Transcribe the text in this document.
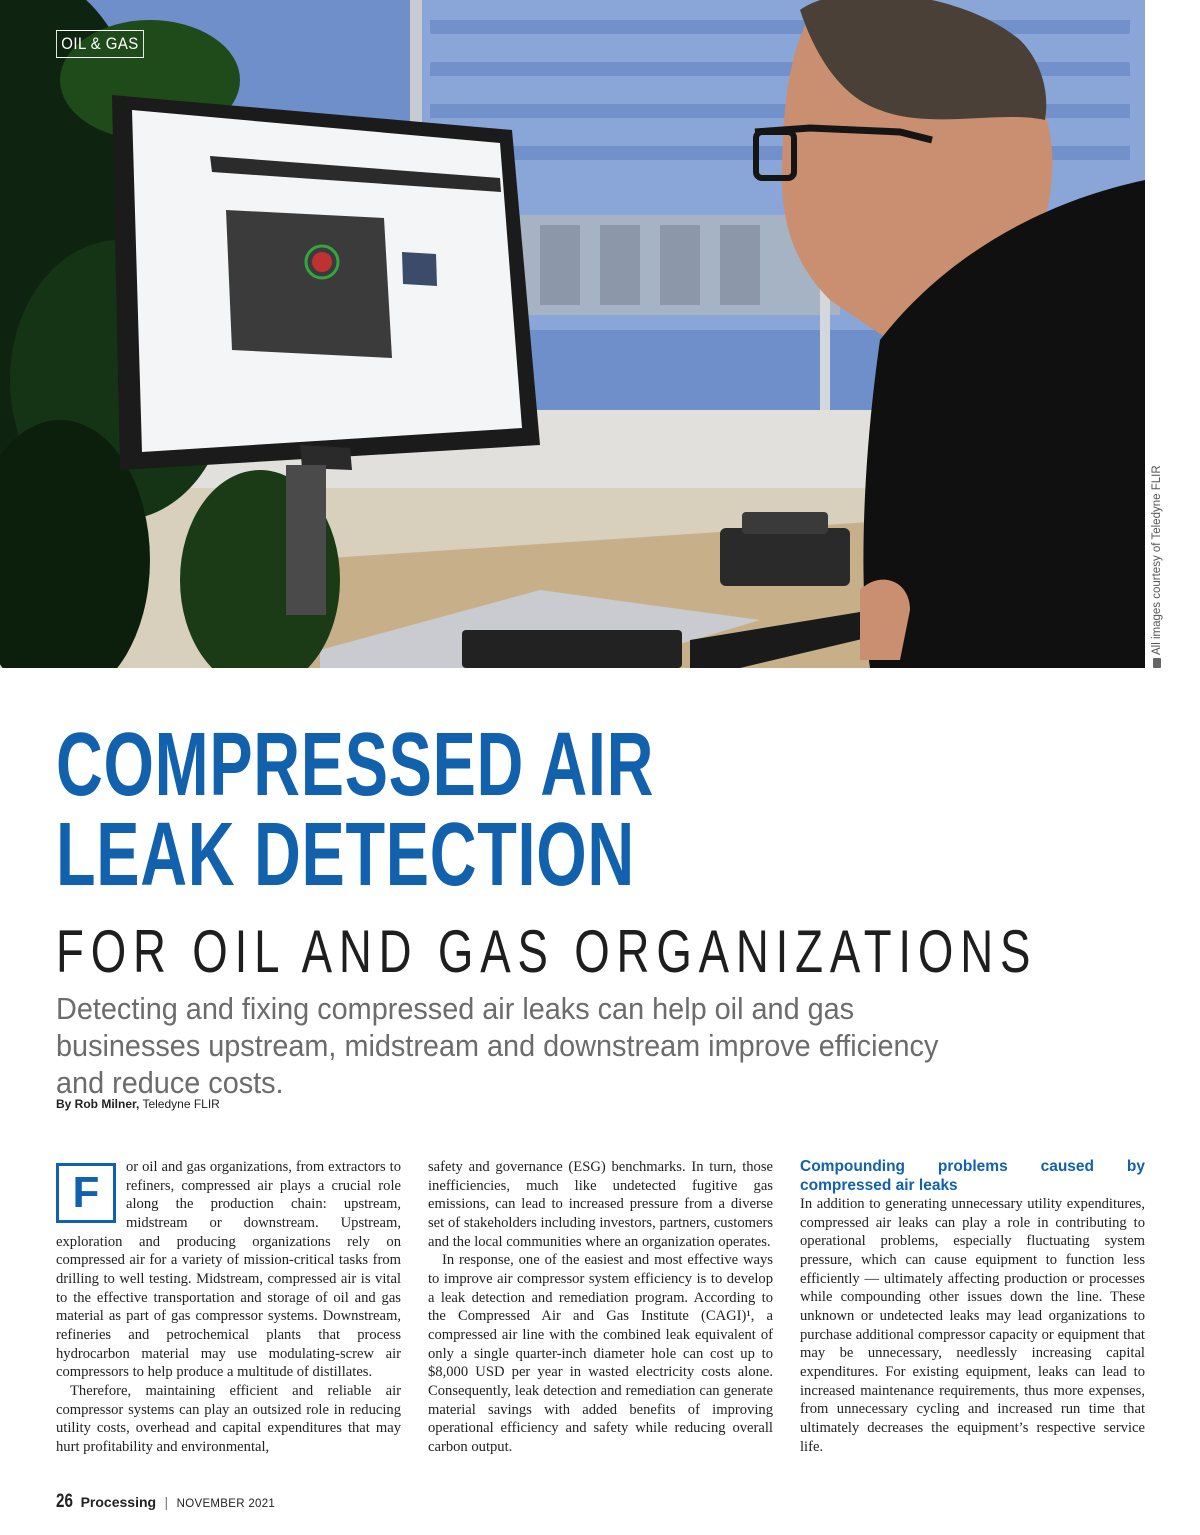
OIL & GAS
All images courtesy of Teledyne FLIR
COMPRESSED AIR
LEAK DETECTION
FOR OIL AND GAS ORGANIZATIONS
Detecting and fixing compressed air leaks can help oil and gas businesses upstream, midstream and downstream improve efficiency and reduce costs.
By Rob Milner, Teledyne FLIR
F

or oil and gas organizations, from extractors to refiners, compressed air plays a crucial role along the production chain: upstream, midstream or downstream. Upstream, exploration and producing organizations rely on compressed air for a variety of mission-critical tasks from drilling to well testing. Midstream, compressed air is vital to the effective transportation and storage of oil and gas material as part of gas compressor systems. Downstream, refineries and petrochemical plants that process hydrocarbon material may use modulating-screw air compressors to help produce a multitude of distillates.

Therefore, maintaining efficient and reliable air compressor systems can play an outsized role in reducing utility costs, overhead and capital expenditures that may hurt profitability and environmental,

safety and governance (ESG) benchmarks. In turn, those inefficiencies, much like undetected fugitive gas emissions, can lead to increased pressure from a diverse set of stakeholders including investors, partners, customers and the local communities where an organization operates.

In response, one of the easiest and most effective ways to improve air compressor system efficiency is to develop a leak detection and remediation program. According to the Compressed Air and Gas Institute (CAGI)¹, a compressed air line with the combined leak equivalent of only a single quarter-inch diameter hole can cost up to $8,000 USD per year in wasted electricity costs alone. Consequently, leak detection and remediation can generate material savings with added benefits of improving operational efficiency and safety while reducing overall carbon output.

Compounding problems caused by compressed air leaks

In addition to generating unnecessary utility expenditures, compressed air leaks can play a role in contributing to operational problems, especially fluctuating system pressure, which can cause equipment to function less efficiently — ultimately affecting production or processes while compounding other issues down the line. These unknown or undetected leaks may lead organizations to purchase additional compressor capacity or equipment that may be unnecessary, needlessly increasing capital expenditures. For existing equipment, leaks can lead to increased maintenance requirements, thus more expenses, from unnecessary cycling and increased run time that ultimately decreases the equipment’s respective service life.

26 Processing | NOVEMBER 2021
